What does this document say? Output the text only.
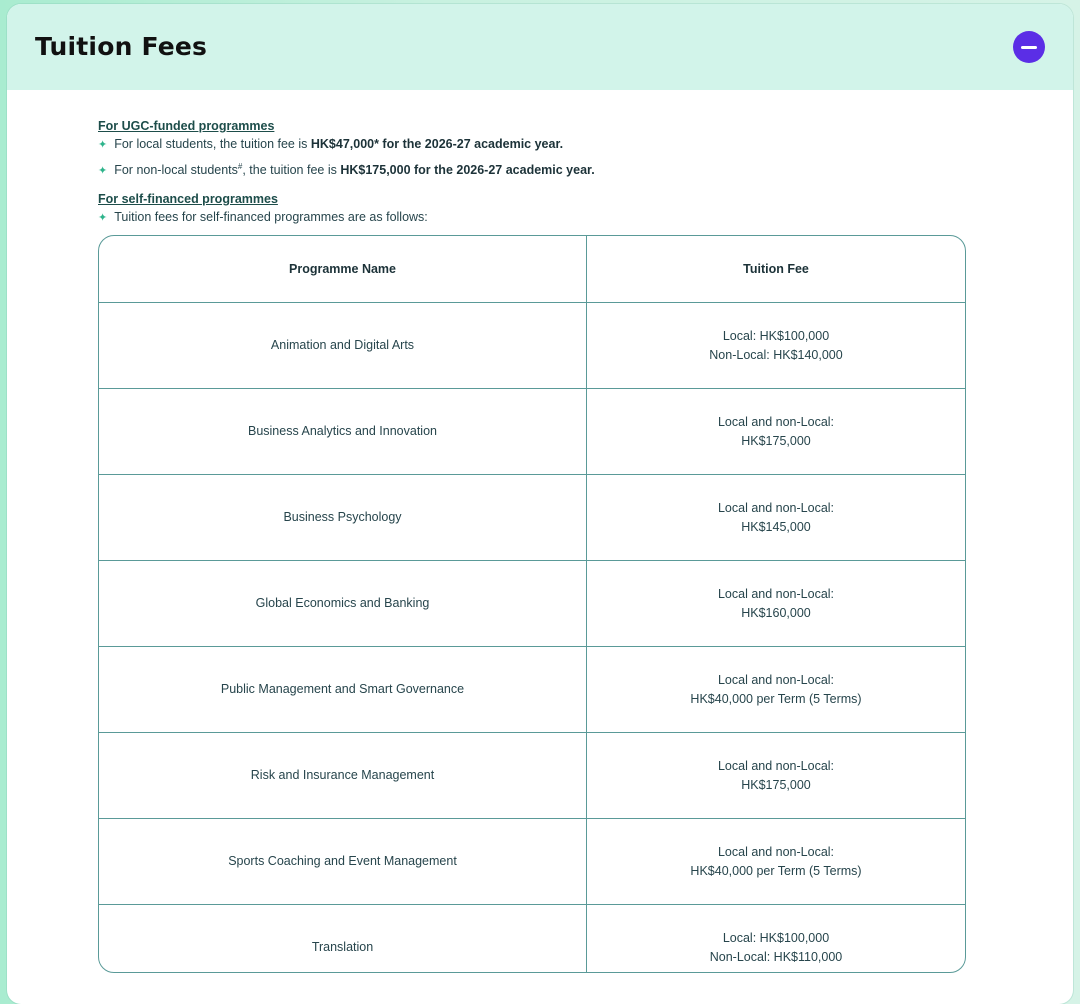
Tuition Fees

For UGC-funded programmes

✦ For local students, the tuition fee is HK$47,000* for the 2026-27 academic year.
✦ For non-local students#, the tuition fee is HK$175,000 for the 2026-27 academic year.

For self-financed programmes

✦ Tuition fees for self-financed programmes are as follows:
Programme Name	Tuition Fee
Animation and Digital Arts	Local: HK$100,000
Non-Local: HK$140,000

Business Analytics and Innovation	Local and non-Local:
HK$175,000

Business Psychology	Local and non-Local:
HK$145,000

Global Economics and Banking	Local and non-Local:
HK$160,000

Public Management and Smart Governance	Local and non-Local:
HK$40,000 per Term (5 Terms)

Risk and Insurance Management	Local and non-Local:
HK$175,000

Sports Coaching and Event Management	Local and non-Local:
HK$40,000 per Term (5 Terms)

Translation	Local: HK$100,000
Non-Local: HK$110,000
